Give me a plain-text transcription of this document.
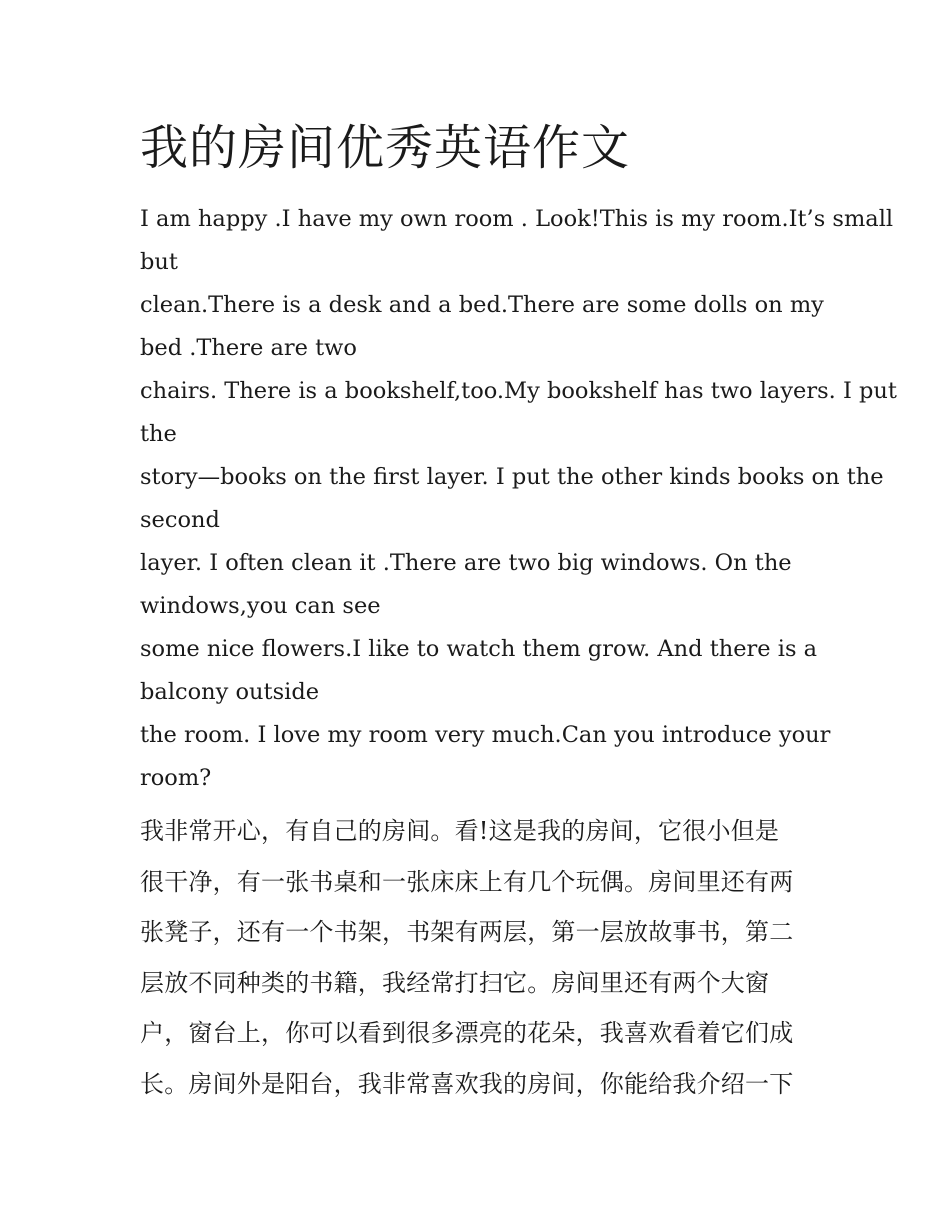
我的房间优秀英语作文
I am happy .I have my own room . Look!This is my room.It’s small
but
clean.There is a desk and a bed.There are some dolls on my
bed .There are two
chairs. There is a bookshelf,too.My bookshelf has two layers. I put
the
story—books on the first layer. I put the other kinds books on the
second
layer. I often clean it .There are two big windows. On the
windows,you can see
some nice flowers.I like to watch them grow. And there is a
balcony outside
the room. I love my room very much.Can you introduce your
room?
我非常开心，有自己的房间。看!这是我的房间，它很小但是
很干净，有一张书桌和一张床床上有几个玩偶。房间里还有两
张凳子，还有一个书架，书架有两层，第一层放故事书，第二
层放不同种类的书籍，我经常打扫它。房间里还有两个大窗
户，窗台上，你可以看到很多漂亮的花朵，我喜欢看着它们成
长。房间外是阳台，我非常喜欢我的房间，你能给我介绍一下
